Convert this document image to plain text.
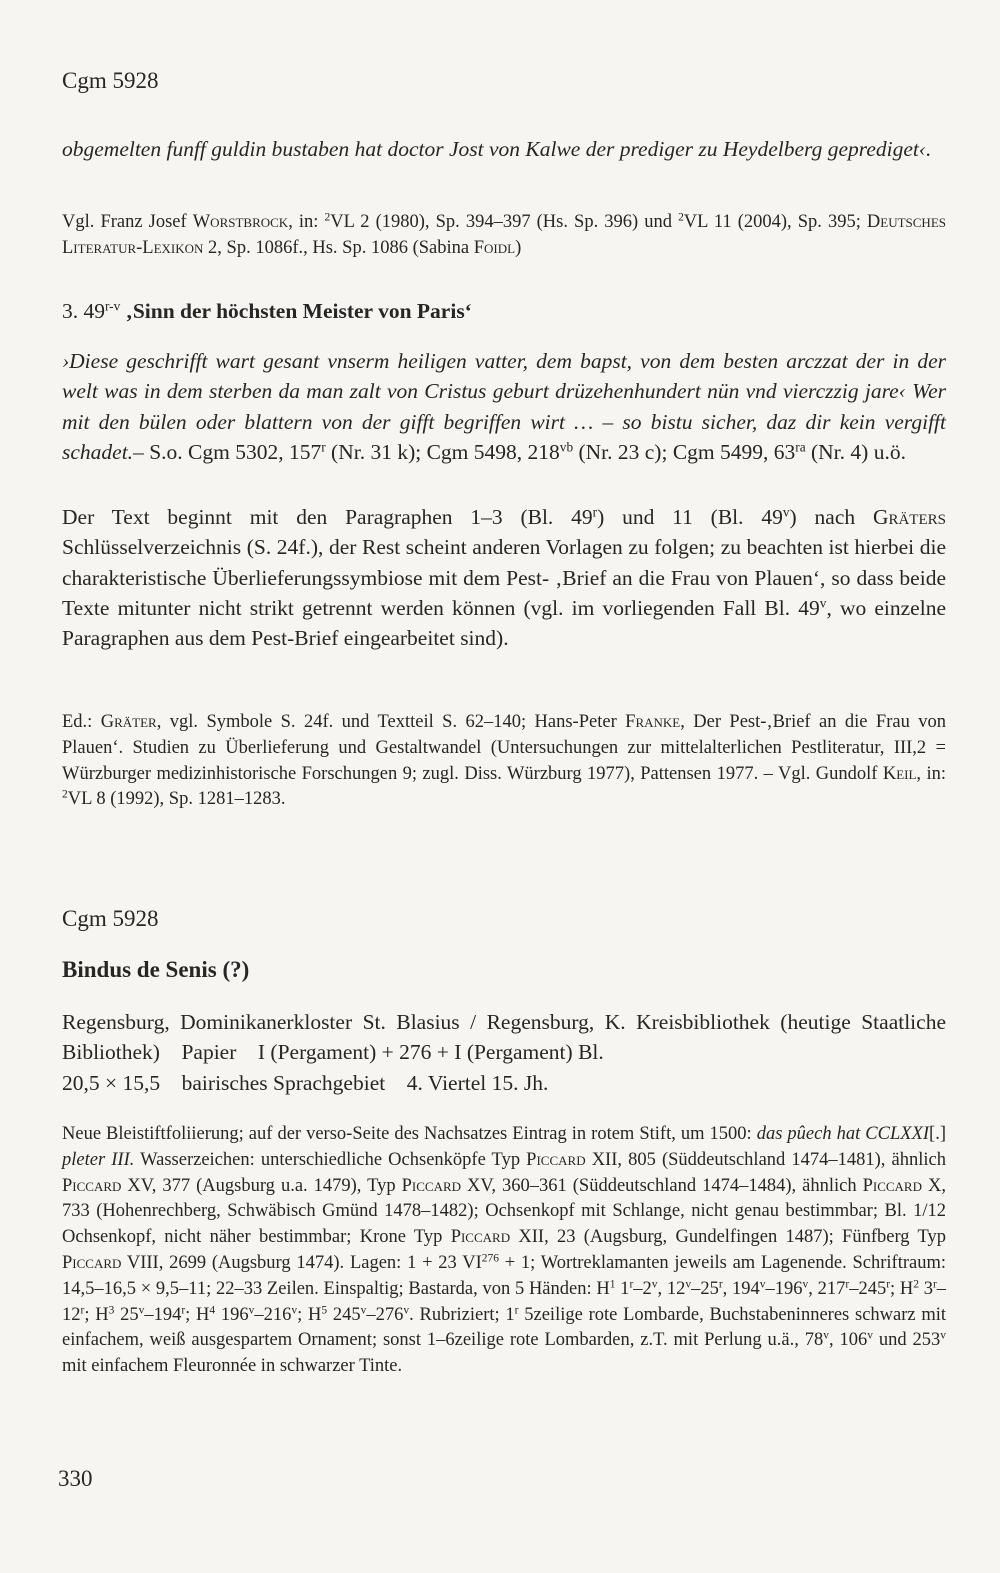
Cgm 5928

obgemelten funff guldin bustaben hat doctor Jost von Kalwe der prediger zu Heydelberg geprediget‹.

Vgl. Franz Josef Worstbrock, in: $^2$VL 2 (1980), Sp. 394–397 (Hs. Sp. 396) und $^2$VL 11 (2004), Sp. 395; Deutsches Literatur-Lexikon 2, Sp. 1086f., Hs. Sp. 1086 (Sabina Foidl)

3. 49$^{r-v}$ ‚Sinn der höchsten Meister von Paris‘

›Diese geschrifft wart gesant vnserm heiligen vatter, dem bapst, von dem besten arczzat der in der welt was in dem sterben da man zalt von Cristus geburt drüzehenhundert nün vnd vierczzig jare‹ Wer mit den bülen oder blattern von der gifft begriffen wirt … – so bistu sicher, daz dir kein vergifft schadet.– S.o. Cgm 5302, 157$^r$ (Nr. 31 k); Cgm 5498, $218^{vb}$ (Nr. 23 c); Cgm 5499, $63^{ra}$ (Nr. 4) u.ö.

Der Text beginnt mit den Paragraphen 1–3 (Bl. 49$^r$) und 11 (Bl. 49$^v$) nach Gräters Schlüsselverzeichnis (S. 24f.), der Rest scheint anderen Vorlagen zu folgen; zu beachten ist hierbei die charakteristische Überlieferungssymbiose mit dem Pest- ‚Brief an die Frau von Plauen‘, so dass beide Texte mitunter nicht strikt getrennt werden können (vgl. im vorliegenden Fall Bl. 49$^v$, wo einzelne Paragraphen aus dem Pest-Brief eingearbeitet sind).

Ed.: Gräter, vgl. Symbole S. 24f. und Textteil S. 62–140; Hans-Peter Franke, Der Pest-‚Brief an die Frau von Plauen‘. Studien zu Überlieferung und Gestaltwandel (Untersuchungen zur mittelalterlichen Pestliteratur, III,2 = Würzburger medizinhistorische Forschungen 9; zugl. Diss. Würzburg 1977), Pattensen 1977. – Vgl. Gundolf Keil, in: $^2$VL 8 (1992), Sp. 1281–1283.

Cgm 5928
Bindus de Senis (?)

Regensburg, Dominikanerkloster St. Blasius / Regensburg, K. Kreisbibliothek (heutige Staatliche Bibliothek)  Papier  I (Pergament) + 276 + I (Pergament) Bl.
20,5 × 15,5  bairisches Sprachgebiet  4. Viertel 15. Jh.

Neue Bleistiftfoliierung; auf der verso-Seite des Nachsatzes Eintrag in rotem Stift, um 1500: das pûech hat CCLXXI[.] pleter III. Wasserzeichen: unterschiedliche Ochsenköpfe Typ Piccard XII, 805 (Süddeutschland 1474–1481), ähnlich Piccard XV, 377 (Augsburg u.a. 1479), Typ Piccard XV, 360–361 (Süddeutschland 1474–1484), ähnlich Piccard X, 733 (Hohenrechberg, Schwäbisch Gmünd 1478–1482); Ochsenkopf mit Schlange, nicht genau bestimmbar; Bl. 1/12 Ochsenkopf, nicht näher bestimmbar; Krone Typ Piccard XII, 23 (Augsburg, Gundelfingen 1487); Fünfberg Typ Piccard VIII, 2699 (Augsburg 1474). Lagen: 1 + 23 $VI^{276} + 1$; Wortreklamanten jeweils am Lagenende. Schriftraum: 14,5–16,5 × 9,5–11; 22–33 Zeilen. Einspaltig; Bastarda, von 5 Händen: $H^1$ 1$^r$–2$^v$, 12$^v$–25$^r$, 194$^v$–196$^v$, 217$^r$–245$^r$; $H^2$ 3$^r$–12$^r$; $H^3$ 25$^v$–194$^r$; $H^4$ 196$^v$–216$^v$; $H^5$ 245$^v$–276$^v$. Rubriziert; 1$^r$ 5zeilige rote Lombarde, Buchstabeninneres schwarz mit einfachem, weiß ausgespartem Ornament; sonst 1–6zeilige rote Lombarden, z.T. mit Perlung u.ä., 78$^v$, 106$^v$ und 253$^v$ mit einfachem Fleuronnée in schwarzer Tinte.

330
